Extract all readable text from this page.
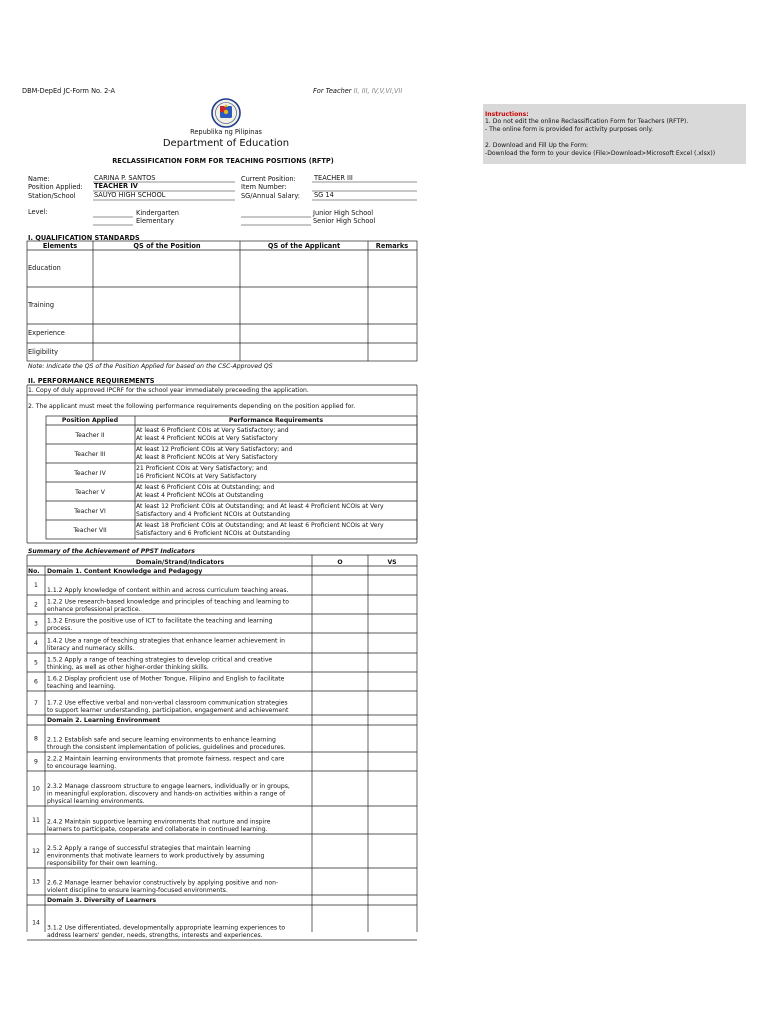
DBM-DepEd JC-Form No. 2-A	For Teacher II, III, IV,V,VI,VII
Republika ng Pilipinas
Department of Education
RECLASSIFICATION FORM FOR TEACHING POSITIONS (RFTP)
Instructions:
1. Do not edit the online Reclassification Form for Teachers (RFTP).
- The online form is provided for activity purposes only.
2. Download and Fill Up the Form:
-Download the form to your device (File>Download>Microsoft Excel (.xlsx))
Name:	CARINA P. SANTOS
Position Applied: TEACHER IV
Station/School	SAUYO HIGH SCHOOL
Current Position:	TEACHER III
Item Number:
SG/Annual Salary: SG 14
Level:	Kindergarten
Elementary
Junior High School
Senior High School
I. QUALIFICATION STANDARDS
Elements	QS of the Position	QS of the Applicant	Remarks
Education
Training
Experience
Eligibility
Note: Indicate the QS of the Position Applied for based on the CSC-Approved QS
II. PERFORMANCE REQUIREMENTS
1. Copy of duly approved IPCRF for the school year immediately preceeding the application.
2. The applicant must meet the following performance requirements depending on the position applied for.
Position Applied	Performance Requirements
Teacher II
At least 6 Proficient COIs at Very Satisfactory; and
At least 4 Proficient NCOIs at Very Satisfactory
Teacher III
At least 12 Proficient COIs at Very Satisfactory; and
At least 8 Proficient NCOIs at Very Satisfactory
Teacher IV
21 Proficient COIs at Very Satisfactory; and
16 Proficient NCOIs at Very Satisfactory
Teacher V
At least 6 Proficient COIs at Outstanding; and
At least 4 Proficient NCOIs at Outstanding
Teacher VI
At least 12 Proficient COIs at Outstanding; and At least 4 Proficient NCOIs at Very
Satisfactory and 4 Proficient NCOIs at Outstanding
Teacher VII
At least 18 Proficient COIs at Outstanding; and At least 6 Proficient NCOIs at Very
Satisfactory and 6 Proficient NCOIs at Outstanding
Summary of the Achievement of PPST Indicators
Domain/Strand/Indicators	O	VS
No. Domain 1. Content Knowledge and Pedagogy
1
1.1.2 Apply knowledge of content within and across curriculum teaching areas.
2 1.2.2 Use research-based knowledge and principles of teaching and learning to
enhance professional practice.
3 1.3.2 Ensure the positive use of ICT to facilitate the teaching and learning
process.
4 1.4.2 Use a range of teaching strategies that enhance learner achievement in
literacy and numeracy skills.
5 1.5.2 Apply a range of teaching strategies to develop critical and creative
thinking, as well as other higher-order thinking skills.
6 1.6.2 Display proficient use of Mother Tongue, Filipino and English to facilitate
teaching and learning.
7 1.7.2 Use effective verbal and non-verbal classroom communication strategies
to support learner understanding, participation, engagement and achievement
Domain 2. Learning Environment
8 2.1.2 Establish safe and secure learning environments to enhance learning
through the consistent implementation of policies, guidelines and procedures.
9 2.2.2 Maintain learning environments that promote fairness, respect and care
to encourage learning.
10 2.3.2 Manage classroom structure to engage learners, individually or in groups,
in meaningful exploration, discovery and hands-on activities within a range of
physical learning environments.
11 2.4.2 Maintain supportive learning environments that nurture and inspire
learners to participate, cooperate and collaborate in continued learning.
12 2.5.2 Apply a range of successful strategies that maintain learning
environments that motivate learners to work productively by assuming
responsibility for their own learning.
13 2.6.2 Manage learner behavior constructively by applying positive and non-
violent discipline to ensure learning-focused environments.
Domain 3. Diversity of Learners
14
3.1.2 Use differentiated, developmentally appropriate learning experiences to
address learners' gender, needs, strengths, interests and experiences.
